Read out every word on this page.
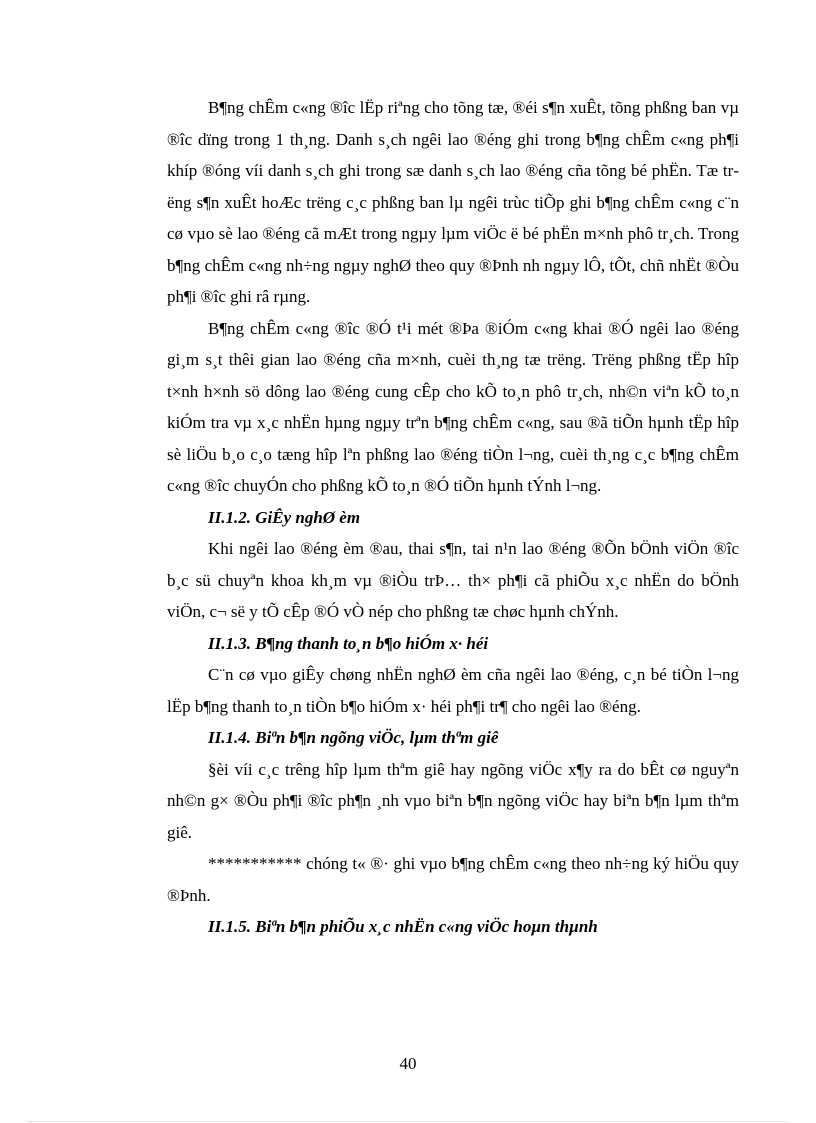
B¶ng chÊm c«ng ®îc lËp riªng cho tõng tæ, ®éi s¶n xuÊt, tõng phßng ban vµ ®îc dïng trong 1 th¸ng. Danh s¸ch ngêi lao ®éng ghi trong b¶ng chÊm c«ng ph¶i khíp ®óng víi danh s¸ch ghi trong sæ danh s¸ch lao ®éng cña tõng bé phËn. Tæ trëng s¶n xuÊt hoÆc trëng c¸c phßng ban lµ ngêi trùc tiÕp ghi b¶ng chÊm c«ng c¨n cø vµo sè lao ®éng cã mÆt trong ngµy lµm viÖc ë bé phËn m×nh phô tr¸ch. Trong b¶ng chÊm c«ng nh÷ng ngµy nghØ theo quy ®Þnh nh ngµy lÔ, tÕt, chñ nhËt ®Òu ph¶i ®îc ghi râ rµng.

B¶ng chÊm c«ng ®îc ®Ó t¹i mét ®Þa ®iÓm c«ng khai ®Ó ngêi lao ®éng gi¸m s¸t thêi gian lao ®éng cña m×nh, cuèi th¸ng tæ trëng. Trëng phßng tËp hîp t×nh h×nh sö dông lao ®éng cung cÊp cho kÕ to¸n phô tr¸ch, nh©n viªn kÕ to¸n kiÓm tra vµ x¸c nhËn hµng ngµy trªn b¶ng chÊm c«ng, sau ®ã tiÕn hµnh tËp hîp sè liÖu b¸o c¸o tæng hîp lªn phßng lao ®éng tiÒn l¬ng, cuèi th¸ng c¸c b¶ng chÊm c«ng ®îc chuyÓn cho phßng kÕ to¸n ®Ó tiÕn hµnh tÝnh l¬ng.

II.1.2. GiÊy nghØ èm

Khi ngêi lao ®éng èm ®au, thai s¶n, tai n¹n lao ®éng ®Õn bÖnh viÖn ®îc b¸c sü chuyªn khoa kh¸m vµ ®iÒu trÞ… th× ph¶i cã phiÕu x¸c nhËn do bÖnh viÖn, c¬ së y tÕ cÊp ®Ó vÒ nép cho phßng tæ chøc hµnh chÝnh.

II.1.3. B¶ng thanh to¸n b¶o hiÓm x· héi

C¨n cø vµo giÊy chøng nhËn nghØ èm cña ngêi lao ®éng, c¸n bé tiÒn l¬ng lËp b¶ng thanh to¸n tiÒn b¶o hiÓm x· héi ph¶i tr¶ cho ngêi lao ®éng.

II.1.4. Biªn b¶n ngõng viÖc, lµm thªm giê

§èi víi c¸c trêng hîp lµm thªm giê hay ngõng viÖc x¶y ra do bÊt cø nguyªn nh©n g× ®Òu ph¶i ®îc ph¶n ¸nh vµo biªn b¶n ngõng viÖc hay biªn b¶n lµm thªm giê.

*********** chóng t« ®· ghi vµo b¶ng chÊm c«ng theo nh÷ng ký hiÖu quy ®Þnh.

II.1.5. Biªn b¶n phiÕu x¸c nhËn c«ng viÖc hoµn thµnh

40
